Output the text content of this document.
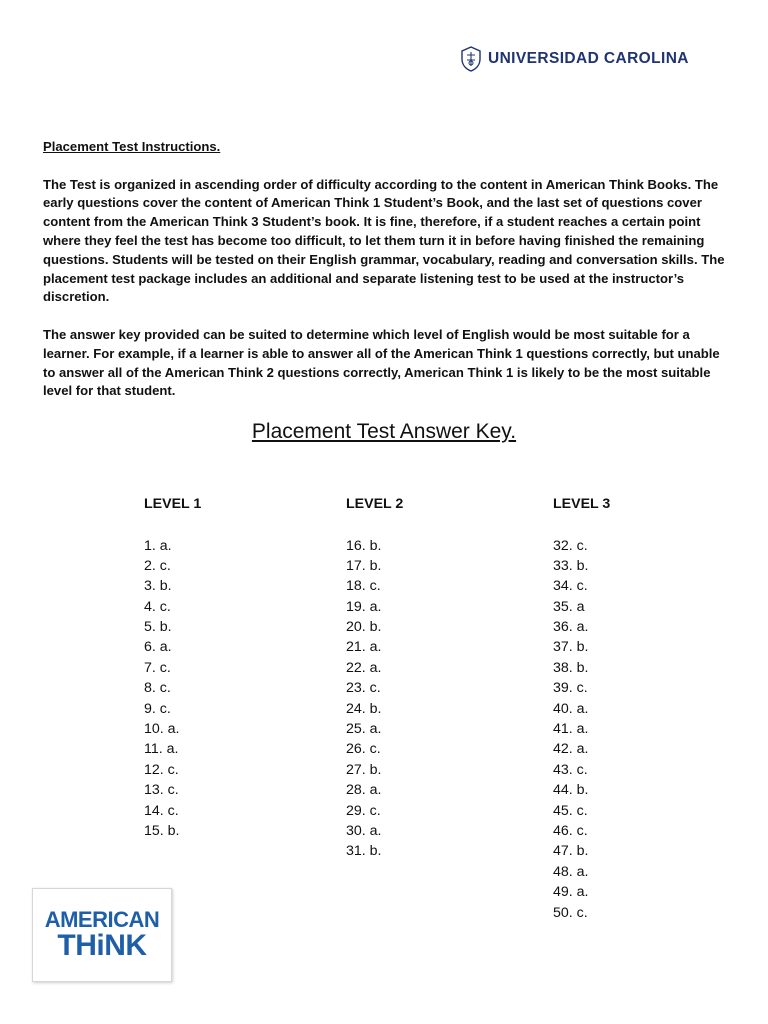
UNIVERSIDAD CAROLINA
Placement Test Instructions.

The Test is organized in ascending order of difficulty according to the content in American Think Books. The early questions cover the content of American Think 1 Student’s Book, and the last set of questions cover content from the American Think 3 Student’s book. It is fine, therefore, if a student reaches a certain point where they feel the test has become too difficult, to let them turn it in before having finished the remaining questions. Students will be tested on their English grammar, vocabulary, reading and conversation skills. The placement test package includes an additional and separate listening test to be used at the instructor’s discretion.

The answer key provided can be suited to determine which level of English would be most suitable for a learner. For example, if a learner is able to answer all of the American Think 1 questions correctly, but unable to answer all of the American Think 2 questions correctly, American Think 1 is likely to be the most suitable level for that student.

Placement Test Answer Key.
LEVEL 1
1. a.
2. c.
3. b.
4. c.
5. b.
6. a.
7. c.
8. c.
9. c.
10. a.
11. a.
12. c.
13. c.
14. c.
15. b.
LEVEL 2
16. b.
17. b.
18. c.
19. a.
20. b.
21. a.
22. a.
23. c.
24. b.
25. a.
26. c.
27. b.
28. a.
29. c.
30. a.
31. b.
LEVEL 3
32. c.
33. b.
34. c.
35. a
36. a.
37. b.
38. b.
39. c.
40. a.
41. a.
42. a.
43. c.
44. b.
45. c.
46. c.
47. b.
48. a.
49. a.
50. c.
AMERICAN
THiNK
